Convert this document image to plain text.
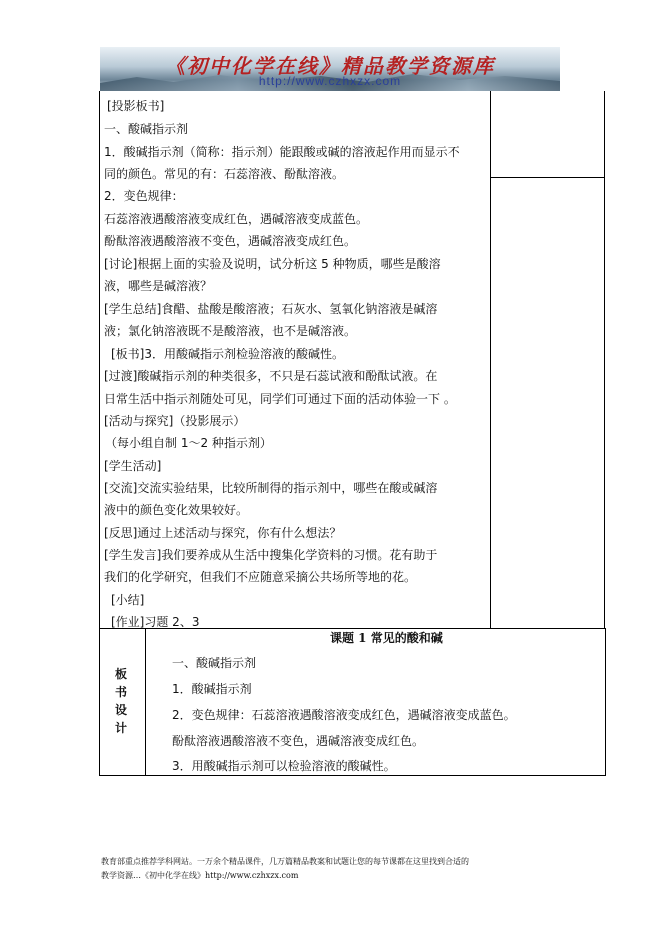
《初中化学在线》精品教学资源库
http://www.czhxzx.com
[投影板书]
一、酸碱指示剂
1．酸碱指示剂（简称：指示剂）能跟酸或碱的溶液起作用而显示不
同的颜色。常见的有：石蕊溶液、酚酞溶液。
2．变色规律：
石蕊溶液遇酸溶液变成红色，遇碱溶液变成蓝色。
酚酞溶液遇酸溶液不变色，遇碱溶液变成红色。
[讨论]根据上面的实验及说明，试分析这 5 种物质，哪些是酸溶
液，哪些是碱溶液？
[学生总结]食醋、盐酸是酸溶液；石灰水、氢氧化钠溶液是碱溶
液；氯化钠溶液既不是酸溶液，也不是碱溶液。
[板书]3．用酸碱指示剂检验溶液的酸碱性。
[过渡]酸碱指示剂的种类很多，不只是石蕊试液和酚酞试液。在
日常生活中指示剂随处可见，同学们可通过下面的活动体验一下 。
[活动与探究]（投影展示）
（每小组自制 1～2 种指示剂）
[学生活动]
[交流]交流实验结果，比较所制得的指示剂中，哪些在酸或碱溶
液中的颜色变化效果较好。
[反思]通过上述活动与探究，你有什么想法？
[学生发言]我们要养成从生活中搜集化学资料的习惯。花有助于
我们的化学研究，但我们不应随意采摘公共场所等地的花。
[小结]
[作业]习题 2、3
板
书
设
计
课题 1 常见的酸和碱
一、酸碱指示剂
1．酸碱指示剂
2．变色规律：石蕊溶液遇酸溶液变成红色，遇碱溶液变成蓝色。
酚酞溶液遇酸溶液不变色，遇碱溶液变成红色。
3．用酸碱指示剂可以检验溶液的酸碱性。
教育部重点推荐学科网站。一万余个精品课件，几万篇精品教案和试题让您的每节课都在这里找到合适的
教学资源…《初中化学在线》http://www.czhxzx.com
